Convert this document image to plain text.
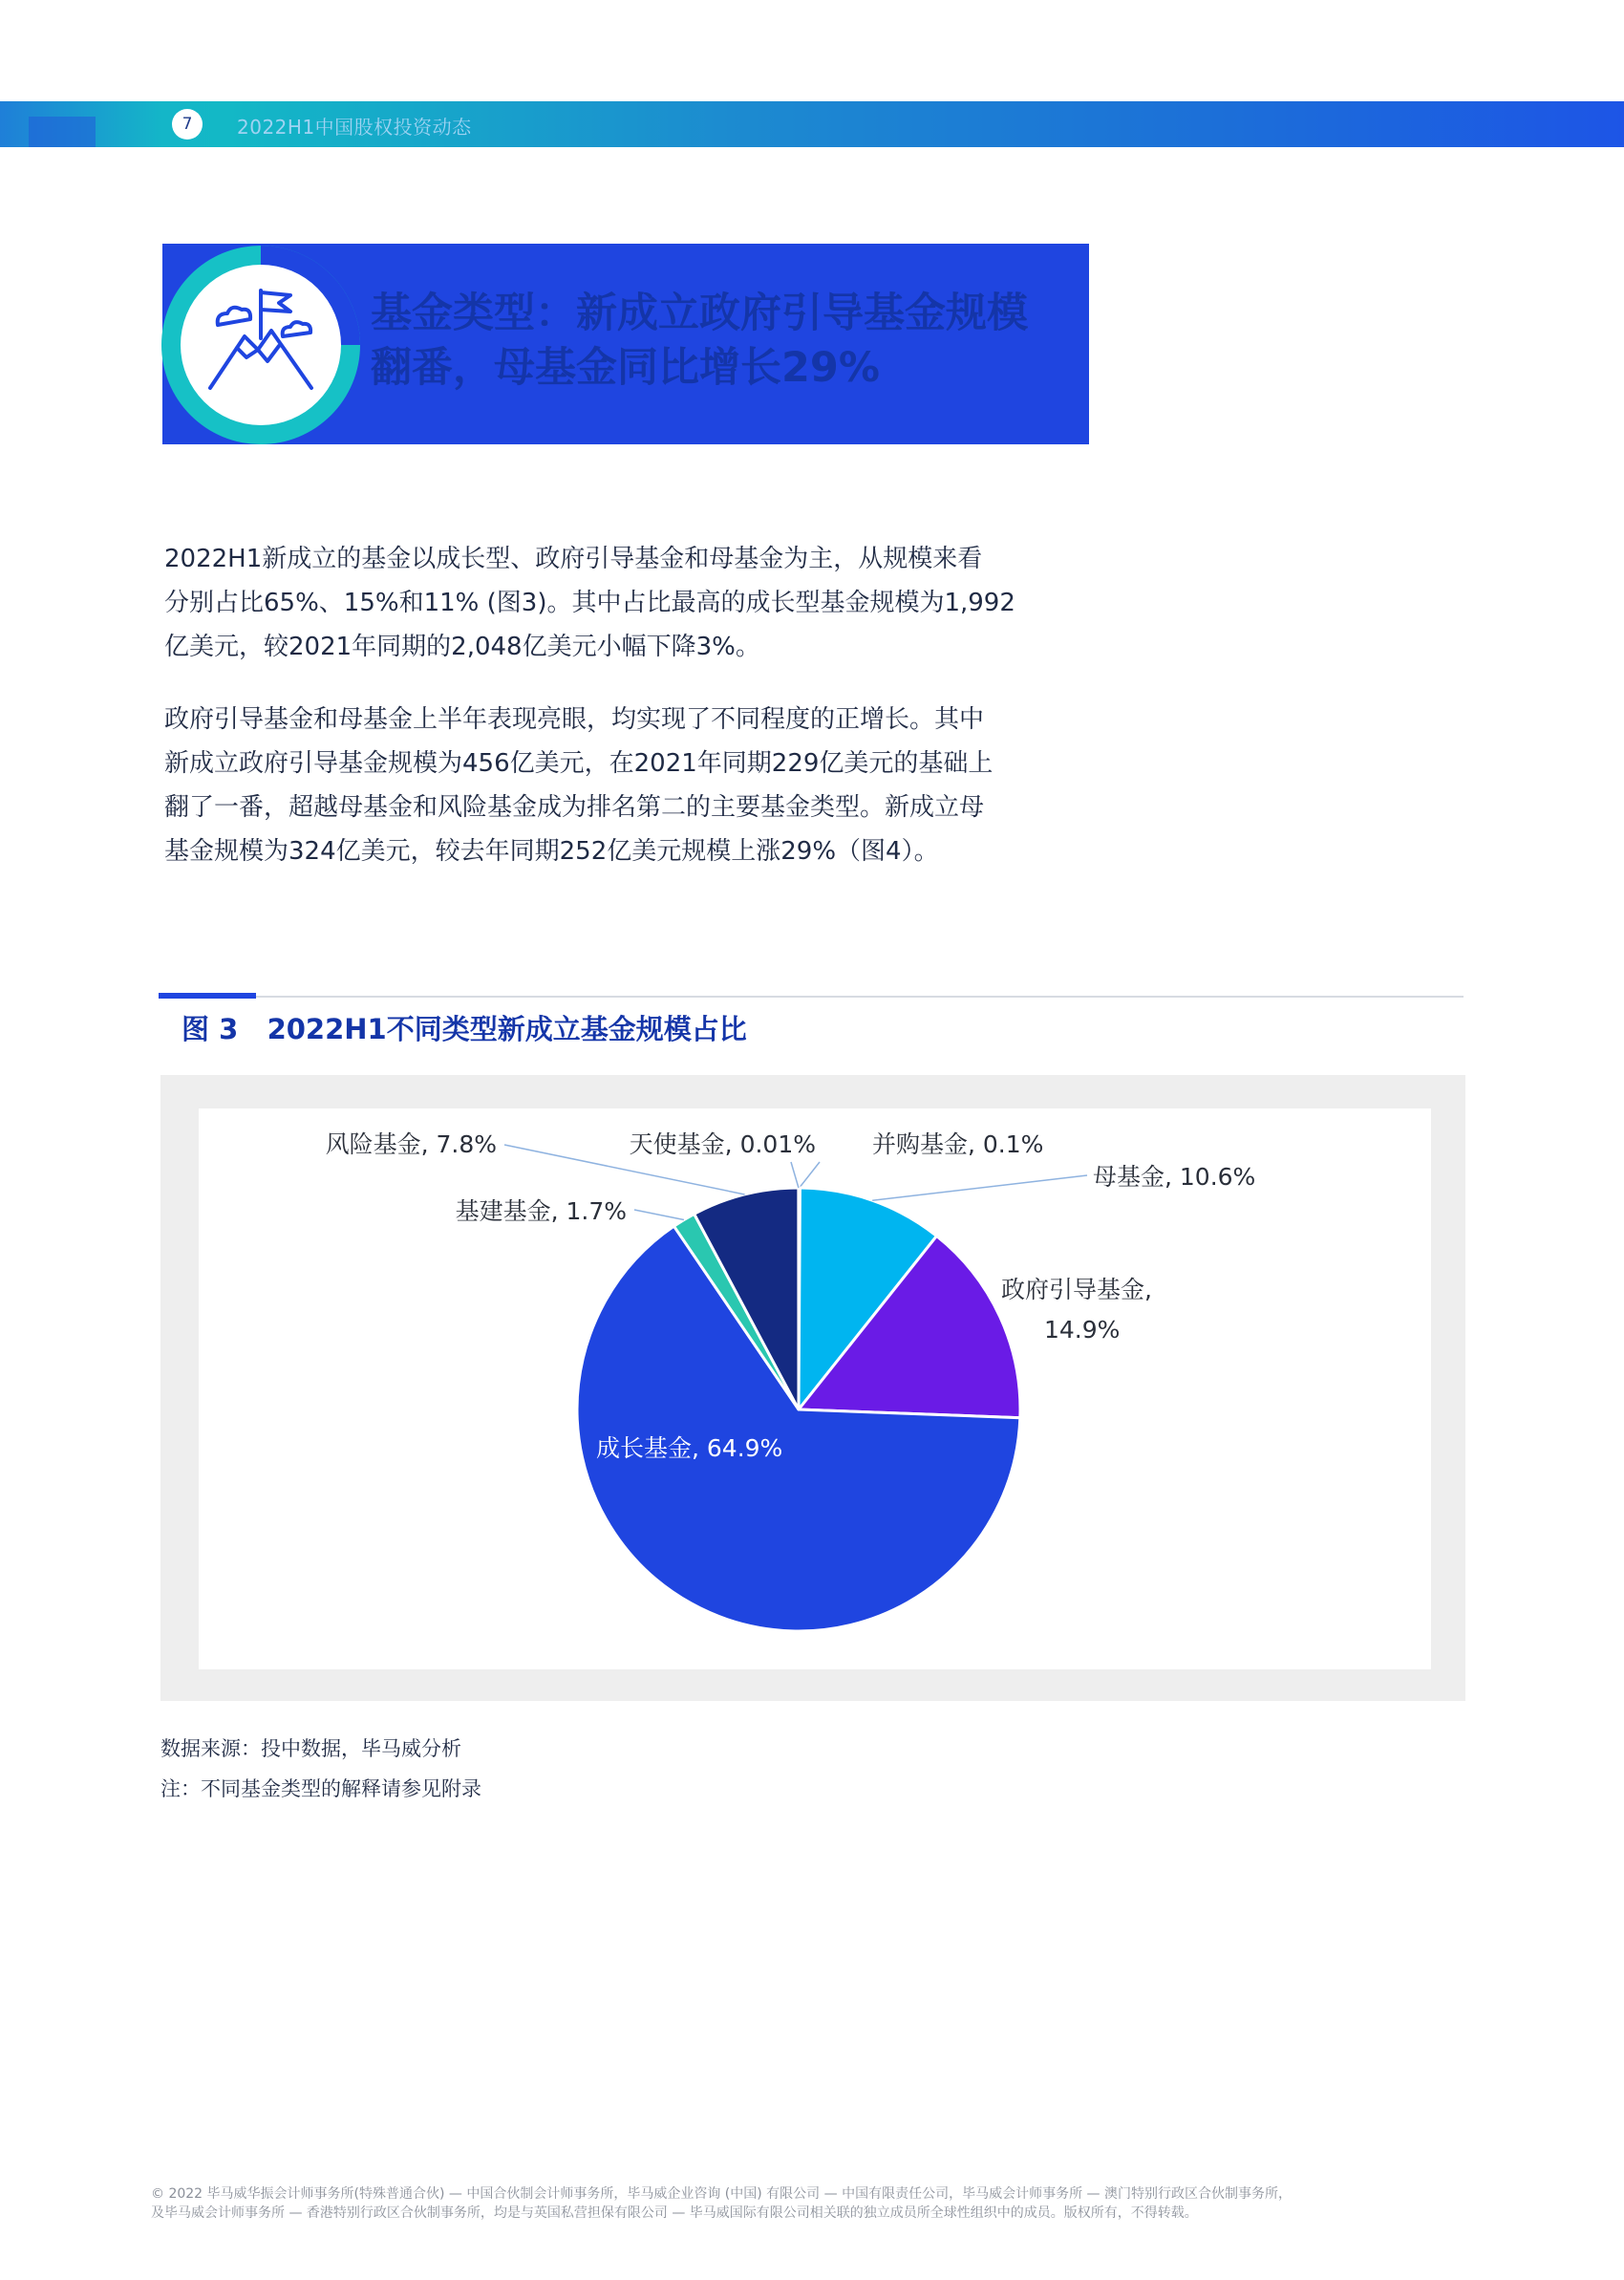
7	2022H1中国股权投资动态
基金类型：新成立政府引导基金规模
翻番，母基金同比增长29%
2022H1新成立的基金以成长型、政府引导基金和母基金为主，从规模来看
分别占比65%、15%和11% (图3)。其中占比最高的成长型基金规模为1,992
亿美元，较2021年同期的2,048亿美元小幅下降3%。
政府引导基金和母基金上半年表现亮眼，均实现了不同程度的正增长。其中
新成立政府引导基金规模为456亿美元，在2021年同期229亿美元的基础上
翻了一番，超越母基金和风险基金成为排名第二的主要基金类型。新成立母
基金规模为324亿美元，较去年同期252亿美元规模上涨29%（图4）。
图 3 2022H1不同类型新成立基金规模占比
并购基金, 0.1%
母基金, 10.6%
政府引导基金,
14.9%
成长基金, 64.9%
基建基金, 1.7%
风险基金, 7.8%	天使基金, 0.01%
数据来源：投中数据，毕马威分析
注：不同基金类型的解释请参见附录
© 2022 毕马威华振会计师事务所(特殊普通合伙) — 中国合伙制会计师事务所，毕马威企业咨询 (中国) 有限公司 — 中国有限责任公司，毕马威会计师事务所 — 澳门特别行政区合伙制事务所，
及毕马威会计师事务所 — 香港特别行政区合伙制事务所，均是与英国私营担保有限公司 — 毕马威国际有限公司相关联的独立成员所全球性组织中的成员。版权所有，不得转载。
